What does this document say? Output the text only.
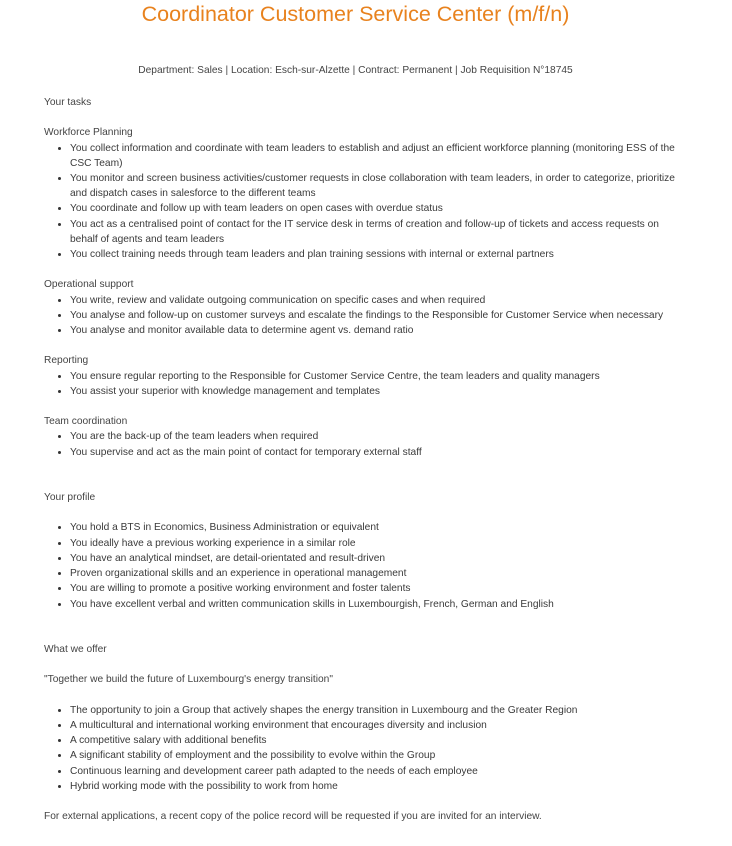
Coordinator Customer Service Center (m/f/n)
Department: Sales | Location: Esch-sur-Alzette | Contract: Permanent | Job Requisition N°18745
Your tasks
Workforce Planning
• You collect information and coordinate with team leaders to establish and adjust an efficient workforce planning (monitoring ESS of the CSC Team)
• You monitor and screen business activities/customer requests in close collaboration with team leaders, in order to categorize, prioritize and dispatch cases in salesforce to the different teams
• You coordinate and follow up with team leaders on open cases with overdue status
• You act as a centralised point of contact for the IT service desk in terms of creation and follow-up of tickets and access requests on behalf of agents and team leaders
• You collect training needs through team leaders and plan training sessions with internal or external partners
Operational support
• You write, review and validate outgoing communication on specific cases and when required
• You analyse and follow-up on customer surveys and escalate the findings to the Responsible for Customer Service when necessary
• You analyse and monitor available data to determine agent vs. demand ratio
Reporting
• You ensure regular reporting to the Responsible for Customer Service Centre, the team leaders and quality managers
• You assist your superior with knowledge management and templates
Team coordination
• You are the back-up of the team leaders when required
• You supervise and act as the main point of contact for temporary external staff
Your profile
• You hold a BTS in Economics, Business Administration or equivalent
• You ideally have a previous working experience in a similar role
• You have an analytical mindset, are detail-orientated and result-driven
• Proven organizational skills and an experience in operational management
• You are willing to promote a positive working environment and foster talents
• You have excellent verbal and written communication skills in Luxembourgish, French, German and English
What we offer
"Together we build the future of Luxembourg's energy transition"
• The opportunity to join a Group that actively shapes the energy transition in Luxembourg and the Greater Region
• A multicultural and international working environment that encourages diversity and inclusion
• A competitive salary with additional benefits
• A significant stability of employment and the possibility to evolve within the Group
• Continuous learning and development career path adapted to the needs of each employee
• Hybrid working mode with the possibility to work from home
For external applications, a recent copy of the police record will be requested if you are invited for an interview.
